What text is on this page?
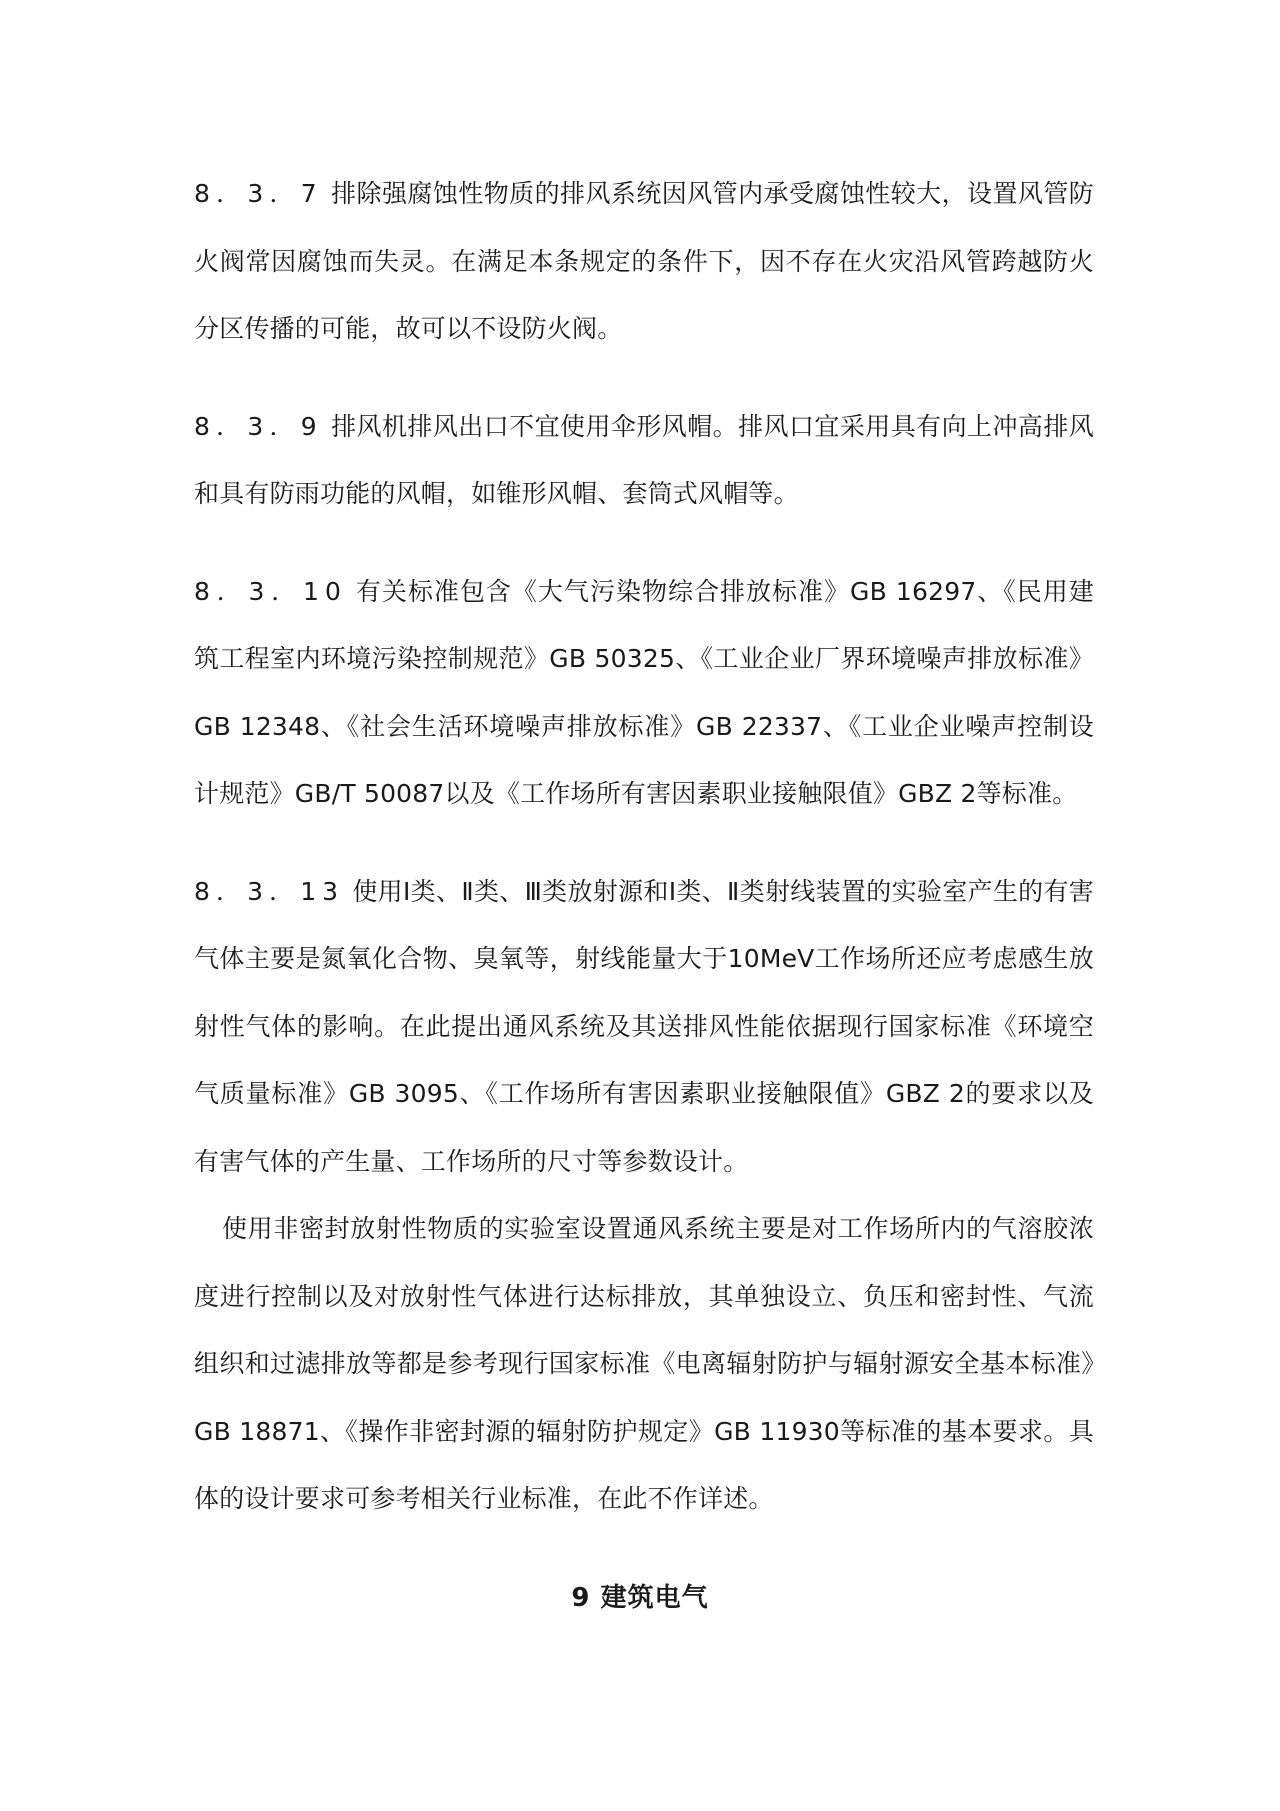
8．3．7 排除强腐蚀性物质的排风系统因风管内承受腐蚀性较大，设置风管防火阀常因腐蚀而失灵。在满足本条规定的条件下，因不存在火灾沿风管跨越防火分区传播的可能，故可以不设防火阀。

8．3．9 排风机排风出口不宜使用伞形风帽。排风口宜采用具有向上冲高排风和具有防雨功能的风帽，如锥形风帽、套筒式风帽等。

8．3．10 有关标准包含《大气污染物综合排放标准》GB 16297、《民用建筑工程室内环境污染控制规范》GB 50325、《工业企业厂界环境噪声排放标准》GB 12348、《社会生活环境噪声排放标准》GB 22337、《工业企业噪声控制设计规范》GB/T 50087以及《工作场所有害因素职业接触限值》GBZ 2等标准。

8．3．13 使用Ⅰ类、Ⅱ类、Ⅲ类放射源和Ⅰ类、Ⅱ类射线装置的实验室产生的有害气体主要是氮氧化合物、臭氧等，射线能量大于10MeV工作场所还应考虑感生放射性气体的影响。在此提出通风系统及其送排风性能依据现行国家标准《环境空气质量标准》GB 3095、《工作场所有害因素职业接触限值》GBZ 2的要求以及有害气体的产生量、工作场所的尺寸等参数设计。

使用非密封放射性物质的实验室设置通风系统主要是对工作场所内的气溶胶浓度进行控制以及对放射性气体进行达标排放，其单独设立、负压和密封性、气流组织和过滤排放等都是参考现行国家标准《电离辐射防护与辐射源安全基本标准》GB 18871、《操作非密封源的辐射防护规定》GB 11930等标准的基本要求。具体的设计要求可参考相关行业标准，在此不作详述。

9 建筑电气
